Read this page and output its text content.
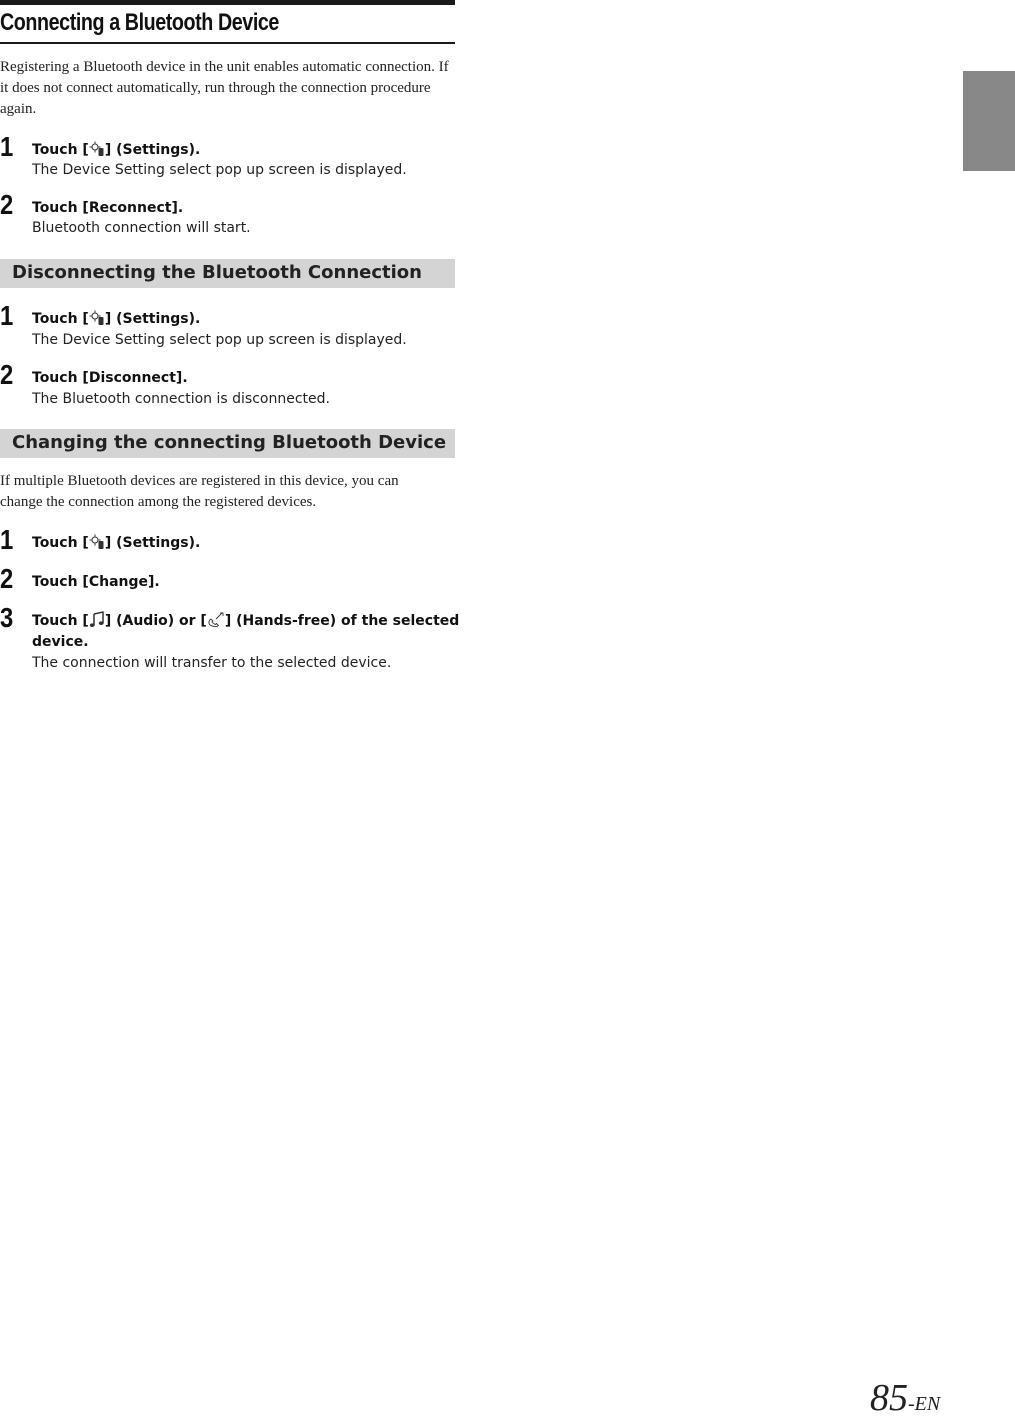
Connecting a Bluetooth Device
Registering a Bluetooth device in the unit enables automatic connection. If it does not connect automatically, run through the connection procedure again.
1 Touch [ ] (Settings).
The Device Setting select pop up screen is displayed.
2 Touch [Reconnect].
Bluetooth connection will start.
Disconnecting the Bluetooth Connection
1 Touch [ ] (Settings).
The Device Setting select pop up screen is displayed.
2 Touch [Disconnect].
The Bluetooth connection is disconnected.
Changing the connecting Bluetooth Device
If multiple Bluetooth devices are registered in this device, you can change the connection among the registered devices.
1 Touch [ ] (Settings).
2 Touch [Change].
3 Touch [ ] (Audio) or [ ] (Hands-free) of the selected
device.
The connection will transfer to the selected device.
85-EN
